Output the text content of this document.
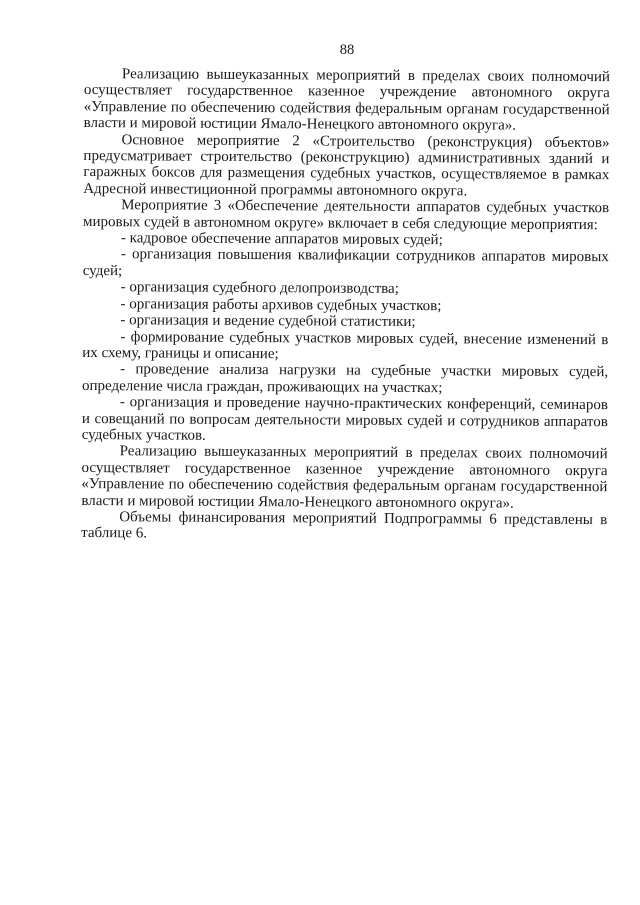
88

Реализацию вышеуказанных мероприятий в пределах своих полномочий осуществляет государственное казенное учреждение автономного округа «Управление по обеспечению содействия федеральным органам государственной власти и мировой юстиции Ямало-Ненецкого автономного округа».

Основное мероприятие 2 «Строительство (реконструкция) объектов» предусматривает строительство (реконструкцию) административных зданий и гаражных боксов для размещения судебных участков, осуществляемое в рамках Адресной инвестиционной программы автономного округа.

Мероприятие 3 «Обеспечение деятельности аппаратов судебных участков мировых судей в автономном округе» включает в себя следующие мероприятия:

- кадровое обеспечение аппаратов мировых судей;

- организация повышения квалификации сотрудников аппаратов мировых судей;

- организация судебного делопроизводства;

- организация работы архивов судебных участков;

- организация и ведение судебной статистики;

- формирование судебных участков мировых судей, внесение изменений в их схему, границы и описание;

- проведение анализа нагрузки на судебные участки мировых судей, определение числа граждан, проживающих на участках;

- организация и проведение научно-практических конференций, семинаров и совещаний по вопросам деятельности мировых судей и сотрудников аппаратов судебных участков.

Реализацию вышеуказанных мероприятий в пределах своих полномочий осуществляет государственное казенное учреждение автономного округа «Управление по обеспечению содействия федеральным органам государственной власти и мировой юстиции Ямало-Ненецкого автономного округа».

Объемы финансирования мероприятий Подпрограммы 6 представлены в таблице 6.
